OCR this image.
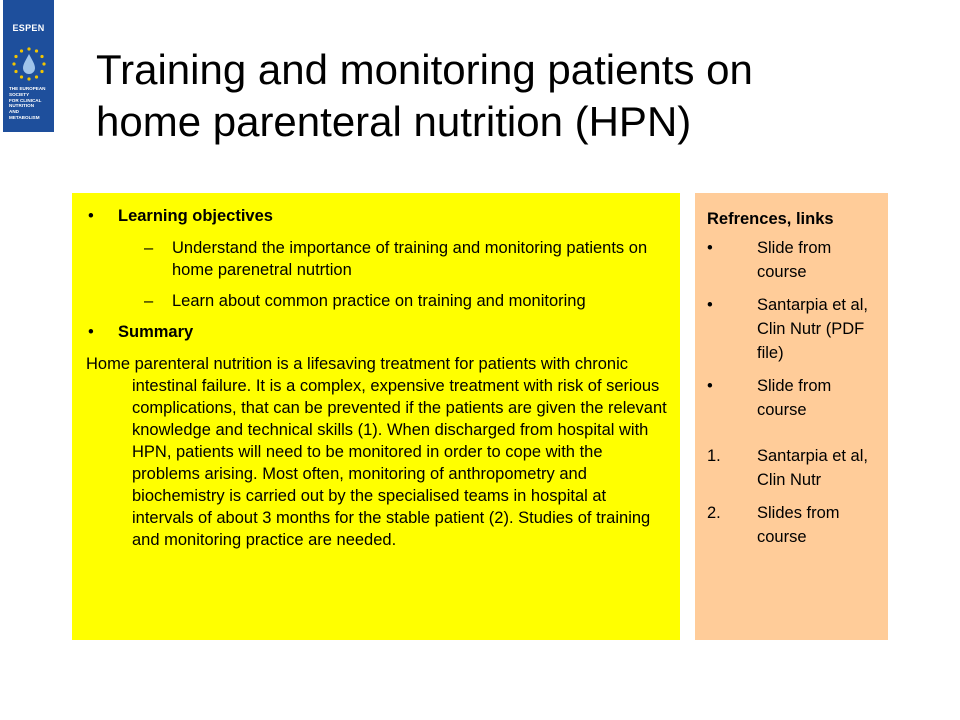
ESPEN
THE EUROPEAN
SOCIETY
FOR CLINICAL
NUTRITION
AND
METABOLISM
Training and monitoring patients on
home parenteral nutrition (HPN)
• Learning objectives
– Understand the importance of training and monitoring patients on home parenetral nutrtion
– Learn about common practice on training and monitoring
• Summary

Home parenteral nutrition is a lifesaving treatment for patients with chronic intestinal failure. It is a complex, expensive treatment with risk of serious complications, that can be prevented if the patients are given the relevant knowledge and technical skills (1). When discharged from hospital with HPN, patients will need to be monitored in order to cope with the problems arising. Most often, monitoring of anthropometry and biochemistry is carried out by the specialised teams in hospital at intervals of about 3 months for the stable patient (2). Studies of training and monitoring practice are needed.

Refrences, links
•	Slide from course
•	Santarpia et al, Clin Nutr (PDF file)
•	Slide from course
1. Santarpia et al, Clin Nutr
2. Slides from course
